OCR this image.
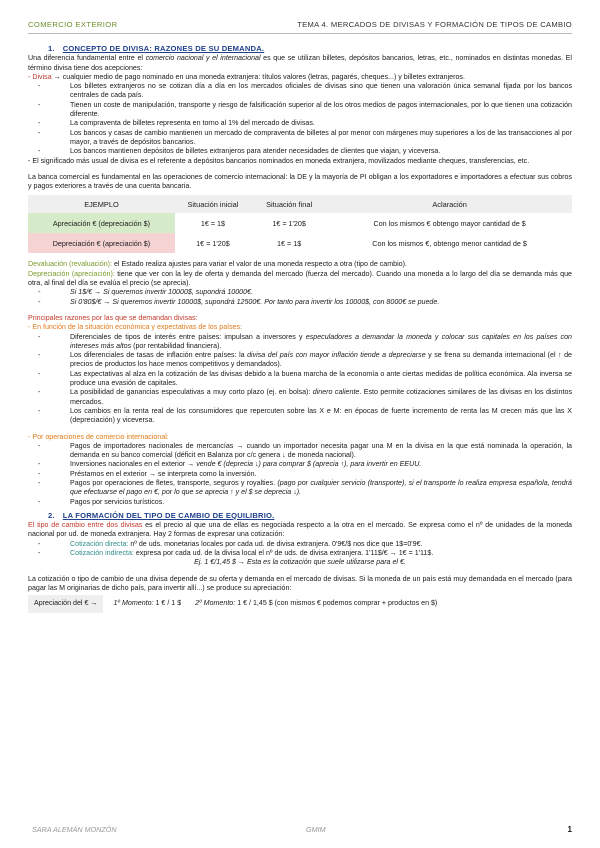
COMERCIO EXTERIOR	TEMA 4. MERCADOS DE DIVISAS Y FORMACIÓN DE TIPOS DE CAMBIO
1. CONCEPTO DE DIVISA: RAZONES DE SU DEMANDA.

Una diferencia fundamental entre el comercio nacional y el internacional es que se utilizan billetes, depósitos bancarios, letras, etc., nominados en distintas monedas. El término divisa tiene dos acepciones:

- Divisa → cualquier medio de pago nominado en una moneda extranjera: títulos valores (letras, pagarés, cheques...) y billetes extranjeros.

- Los billetes extranjeros no se cotizan día a día en los mercados oficiales de divisas sino que tienen una valoración única semanal fijada por los bancos centrales de cada país.
- Tienen un coste de manipulación, transporte y riesgo de falsificación superior al de los otros medios de pagos internacionales, por lo que tienen una cotización diferente.
- La compraventa de billetes representa en torno al 1% del mercado de divisas.
- Los bancos y casas de cambio mantienen un mercado de compraventa de billetes al por menor con márgenes muy superiores a los de las transacciones al por mayor, a través de depósitos bancarios.
- Los bancos mantienen depósitos de billetes extranjeros para atender necesidades de clientes que viajan, y viceversa.

- El significado más usual de divisa es el referente a depósitos bancarios nominados en moneda extranjera, movilizados mediante cheques, transferencias, etc.

La banca comercial es fundamental en las operaciones de comercio internacional: la DE y la mayoría de PI obligan a los exportadores e importadores a efectuar sus cobros y pagos exteriores a través de una cuenta bancaria.

EJEMPLO	Situación inicial	Situación final	Aclaración
Apreciación € (depreciación $)	1€ = 1$	1€ = 1'20$	Con los mismos € obtengo mayor cantidad de $
Depreciación € (apreciación $)	1€ = 1'20$	1€ = 1$	Con los mismos €, obtengo menor cantidad de $

Devaluación (revaluación): el Estado realiza ajustes para variar el valor de una moneda respecto a otra (tipo de cambio).

Depreciación (apreciación): tiene que ver con la ley de oferta y demanda del mercado (fuerza del mercado). Cuando una moneda a lo largo del día se demanda más que otra, al final del día se evalúa el precio (se aprecia).

- Si 1$/€ → Si queremos invertir 10000$, supondrá 10000€.
- Si 0'80$/€ → Si queremos invertir 10000$, supondrá 12500€. Por tanto para invertir los 10000$, con 8000€ se puede.

Principales razones por las que se demandan divisas:

- En función de la situación económica y expectativas de los países:

- Diferenciales de tipos de interés entre países: impulsan a inversores y especuladores a demandar la moneda y colocar sus capitales en los países con intereses más altos (por rentabilidad financiera).
- Los diferenciales de tasas de inflación entre países: la divisa del país con mayor inflación tiende a depreciarse y se frena su demanda internacional (el ↑ de precios de productos los hace menos competitivos y demandados).
- Las expectativas al alza en la cotización de las divisas debido a la buena marcha de la economía o ante ciertas medidas de política económica. Ala inversa se produce una evasión de capitales.
- La posibilidad de ganancias especulativas a muy corto plazo (ej. en bolsa): dinero caliente. Esto permite cotizaciones similares de las divisas en los distintos mercados.
- Los cambios en la renta real de los consumidores que repercuten sobre las X e M: en épocas de fuerte incremento de renta las M crecen más que las X (depreciación) y viceversa.

- Por operaciones de comercio internacional:

- Pagos de importadores nacionales de mercancías → cuando un importador necesita pagar una M en la divisa en la que está nominada la operación, la demanda en su banco comercial (déficit en Balanza por c/c genera ↓ de moneda nacional).
- Inversiones nacionales en el exterior → vende € (deprecia ↓) para comprar $ (aprecia ↑), para invertir en EEUU.
- Préstamos en el exterior → se interpreta como la inversión.
- Pagos por operaciones de fletes, transporte, seguros y royalties. (pago por cualquier servicio (transporte), si el transporte lo realiza empresa española, tendrá que efectuarse el pago en €, por lo que se aprecia ↑ y el $ se deprecia ↓).
- Pagos por servicios turísticos.
2. LA FORMACIÓN DEL TIPO DE CAMBIO DE EQUILIBRIO.

El tipo de cambio entre dos divisas es el precio al que una de ellas es negociada respecto a la otra en el mercado. Se expresa como el nº de unidades de la moneda nacional por ud. de moneda extranjera. Hay 2 formas de expresar una cotización:

- Cotización directa: nº de uds. monetarias locales por cada ud. de divisa extranjera. 0'9€/$ nos dice que 1$=0'9€.
- Cotización indirecta: expresa por cada ud. de la divisa local el nº de uds. de divisa extranjera. 1'11$/€ → 1€ = 1'11$.

Ej. 1 €/1,45 $ → Esta es la cotización que suele utilizarse para el €.

La cotización o tipo de cambio de una divisa depende de su oferta y demanda en el mercado de divisas. Si la moneda de un país está muy demandada en el mercado (para pagar las M originarias de dicho país, para invertir allí...) se produce su apreciación:

Apreciación del € →	1º Momento: 1 € / 1 $ 2º Momento: 1 € / 1,45 $ (con mismos € podemos comprar + productos en $)
SARA ALEMÁN MONZÓN	GMIM	1
